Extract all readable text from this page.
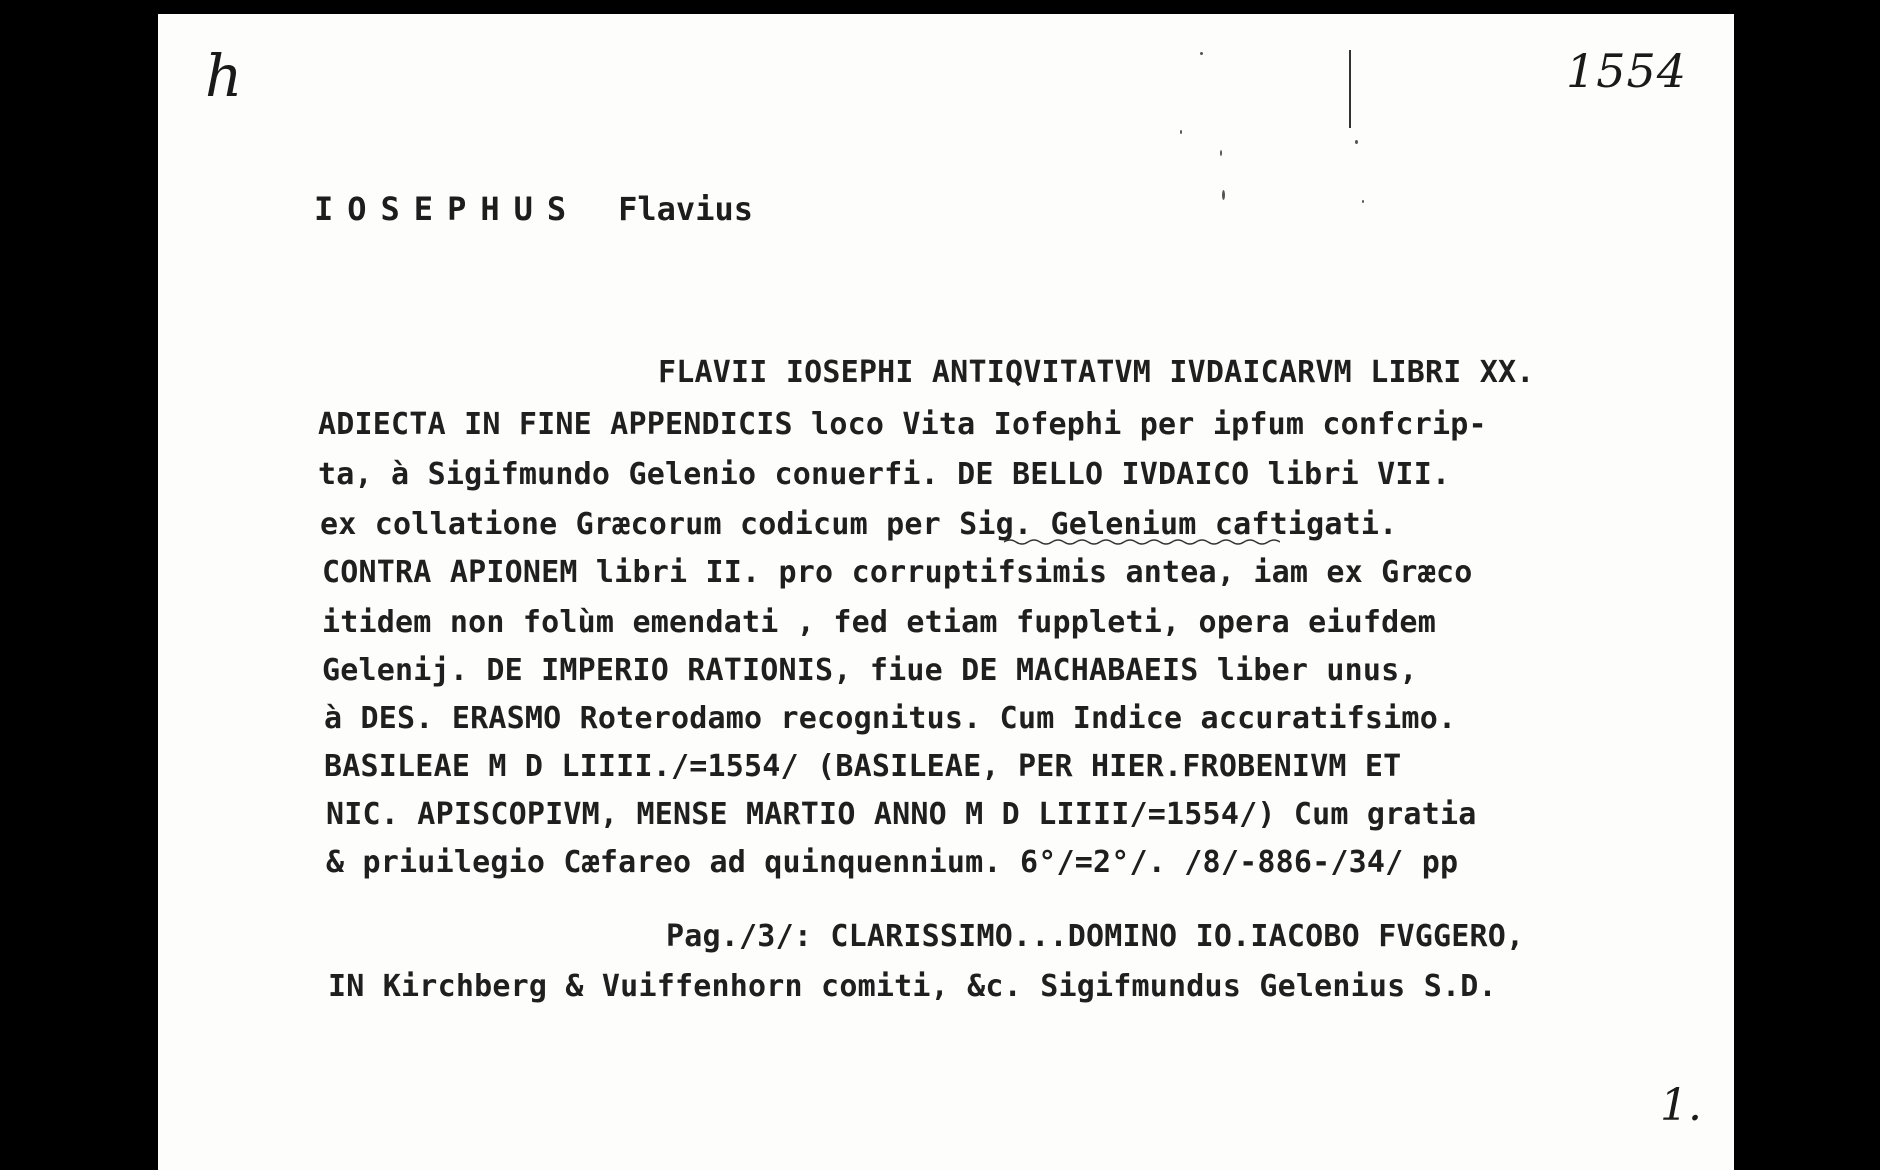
h	1554
1.
IOSEPHUS Flavius
FLAVII IOSEPHI ANTIQVITATVM IVDAICARVM LIBRI XX.
ADIECTA IN FINE APPENDICIS loco Vita Iofephi per ipfum confcrip-
ta, à Sigifmundo Gelenio conuerfi. DE BELLO IVDAICO libri VII.
ex collatione Græcorum codicum per Sig. Gelenium caftigati.
CONTRA APIONEM libri II. pro corruptifsimis antea, iam ex Græco
itidem non folùm emendati , fed etiam fuppleti, opera eiufdem
Gelenij. DE IMPERIO RATIONIS, fiue DE MACHABAEIS liber unus,
à DES. ERASMO Roterodamo recognitus. Cum Indice accuratifsimo.
BASILEAE M D LIIII./=1554/ (BASILEAE, PER HIER.FROBENIVM ET
NIC. APISCOPIVM, MENSE MARTIO ANNO M D LIIII/=1554/) Cum gratia
& priuilegio Cæfareo ad quinquennium. 6°/=2°/. /8/-886-/34/ pp
Pag./3/: CLARISSIMO...DOMINO IO.IACOBO FVGGERO,
IN Kirchberg & Vuiffenhorn comiti, &c. Sigifmundus Gelenius S.D.
